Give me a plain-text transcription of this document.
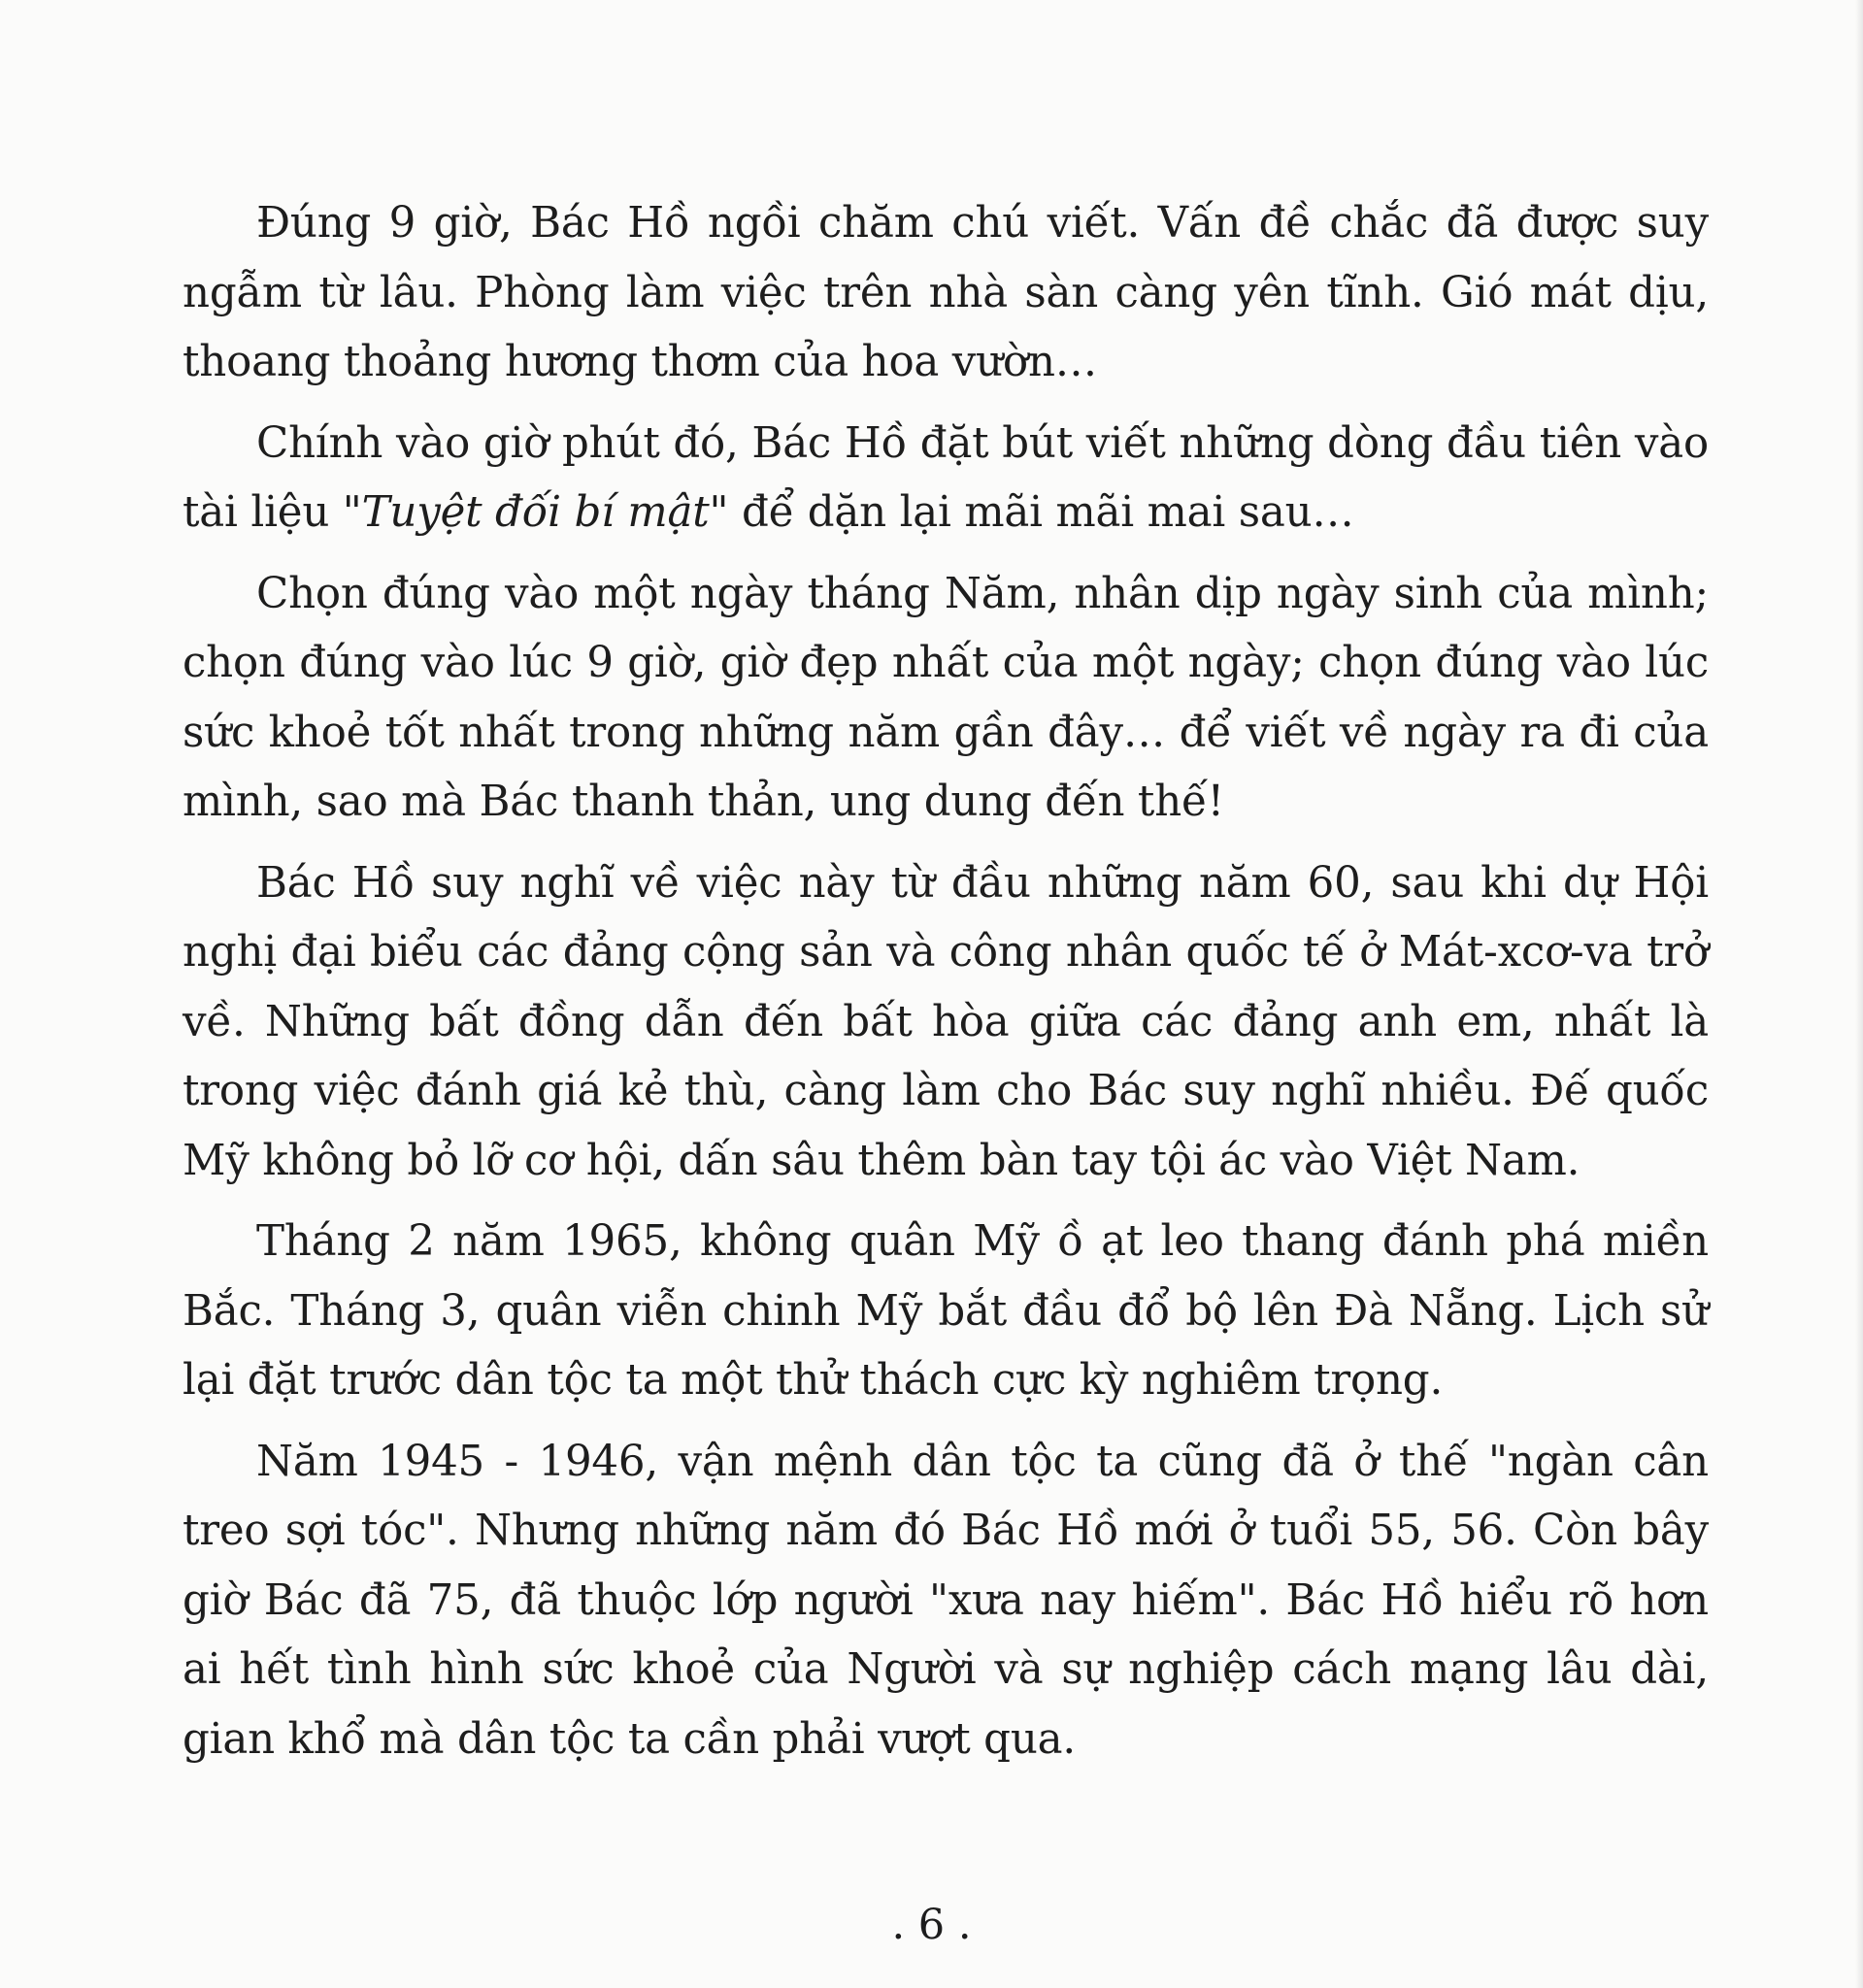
Đúng 9 giờ, Bác Hồ ngồi chăm chú viết. Vấn đề chắc đã được suy ngẫm từ lâu. Phòng làm việc trên nhà sàn càng yên tĩnh. Gió mát dịu, thoang thoảng hương thơm của hoa vườn…

Chính vào giờ phút đó, Bác Hồ đặt bút viết những dòng đầu tiên vào tài liệu "Tuyệt đối bí mật" để dặn lại mãi mãi mai sau…

Chọn đúng vào một ngày tháng Năm, nhân dịp ngày sinh của mình; chọn đúng vào lúc 9 giờ, giờ đẹp nhất của một ngày; chọn đúng vào lúc sức khoẻ tốt nhất trong những năm gần đây… để viết về ngày ra đi của mình, sao mà Bác thanh thản, ung dung đến thế!

Bác Hồ suy nghĩ về việc này từ đầu những năm 60, sau khi dự Hội nghị đại biểu các đảng cộng sản và công nhân quốc tế ở Mát-xcơ-va trở về. Những bất đồng dẫn đến bất hòa giữa các đảng anh em, nhất là trong việc đánh giá kẻ thù, càng làm cho Bác suy nghĩ nhiều. Đế quốc Mỹ không bỏ lỡ cơ hội, dấn sâu thêm bàn tay tội ác vào Việt Nam.

Tháng 2 năm 1965, không quân Mỹ ồ ạt leo thang đánh phá miền Bắc. Tháng 3, quân viễn chinh Mỹ bắt đầu đổ bộ lên Đà Nẵng. Lịch sử lại đặt trước dân tộc ta một thử thách cực kỳ nghiêm trọng.

Năm 1945 - 1946, vận mệnh dân tộc ta cũng đã ở thế "ngàn cân treo sợi tóc". Nhưng những năm đó Bác Hồ mới ở tuổi 55, 56. Còn bây giờ Bác đã 75, đã thuộc lớp người "xưa nay hiếm". Bác Hồ hiểu rõ hơn ai hết tình hình sức khoẻ của Người và sự nghiệp cách mạng lâu dài, gian khổ mà dân tộc ta cần phải vượt qua.

. 6 .
